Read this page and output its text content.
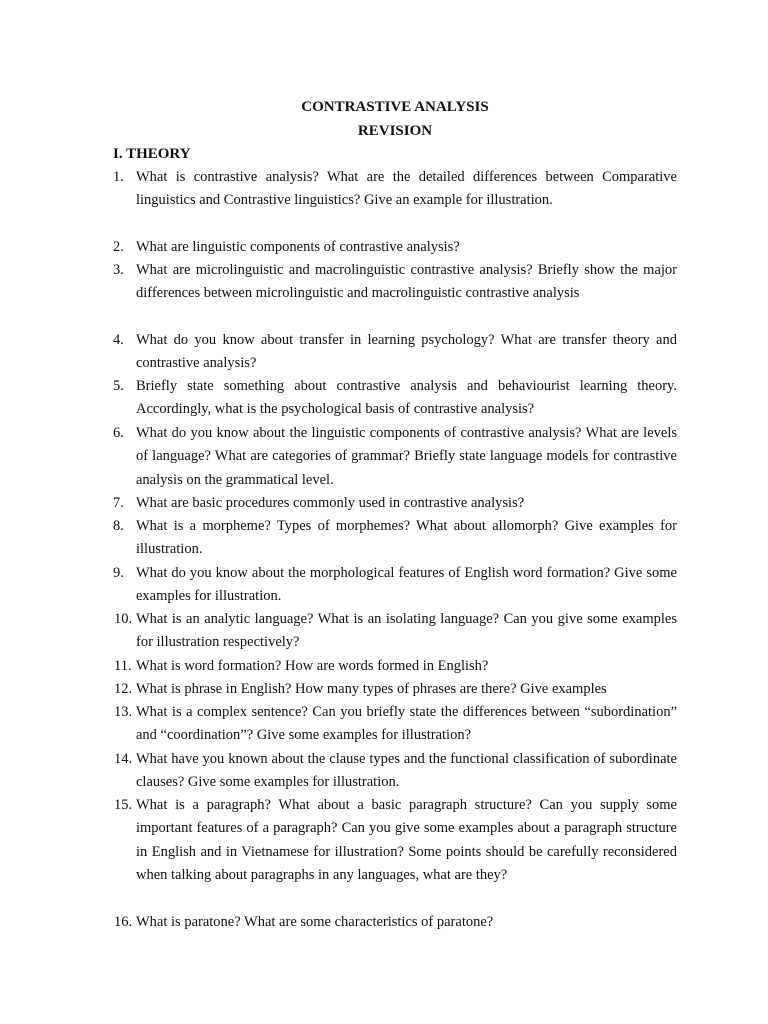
CONTRASTIVE ANALYSIS
REVISION
I. THEORY
1. What is contrastive analysis? What are the detailed differences between Comparative linguistics and Contrastive linguistics? Give an example for illustration.
2. What are linguistic components of contrastive analysis?
3. What are microlinguistic and macrolinguistic contrastive analysis? Briefly show the major differences between microlinguistic and macrolinguistic contrastive analysis
4. What do you know about transfer in learning psychology? What are transfer theory and contrastive analysis?
5. Briefly state something about contrastive analysis and behaviourist learning theory. Accordingly, what is the psychological basis of contrastive analysis?
6. What do you know about the linguistic components of contrastive analysis? What are levels of language? What are categories of grammar? Briefly state language models for contrastive analysis on the grammatical level.
7. What are basic procedures commonly used in contrastive analysis?
8. What is a morpheme? Types of morphemes? What about allomorph? Give examples for illustration.
9. What do you know about the morphological features of English word formation? Give some examples for illustration.
10. What is an analytic language? What is an isolating language? Can you give some examples for illustration respectively?
11. What is word formation? How are words formed in English?
12. What is phrase in English? How many types of phrases are there? Give examples
13. What is a complex sentence? Can you briefly state the differences between “subordination” and “coordination”? Give some examples for illustration?
14. What have you known about the clause types and the functional classification of subordinate clauses? Give some examples for illustration.
15. What is a paragraph? What about a basic paragraph structure? Can you supply some important features of a paragraph? Can you give some examples about a paragraph structure in English and in Vietnamese for illustration? Some points should be carefully reconsidered when talking about paragraphs in any languages, what are they?
16. What is paratone? What are some characteristics of paratone?
